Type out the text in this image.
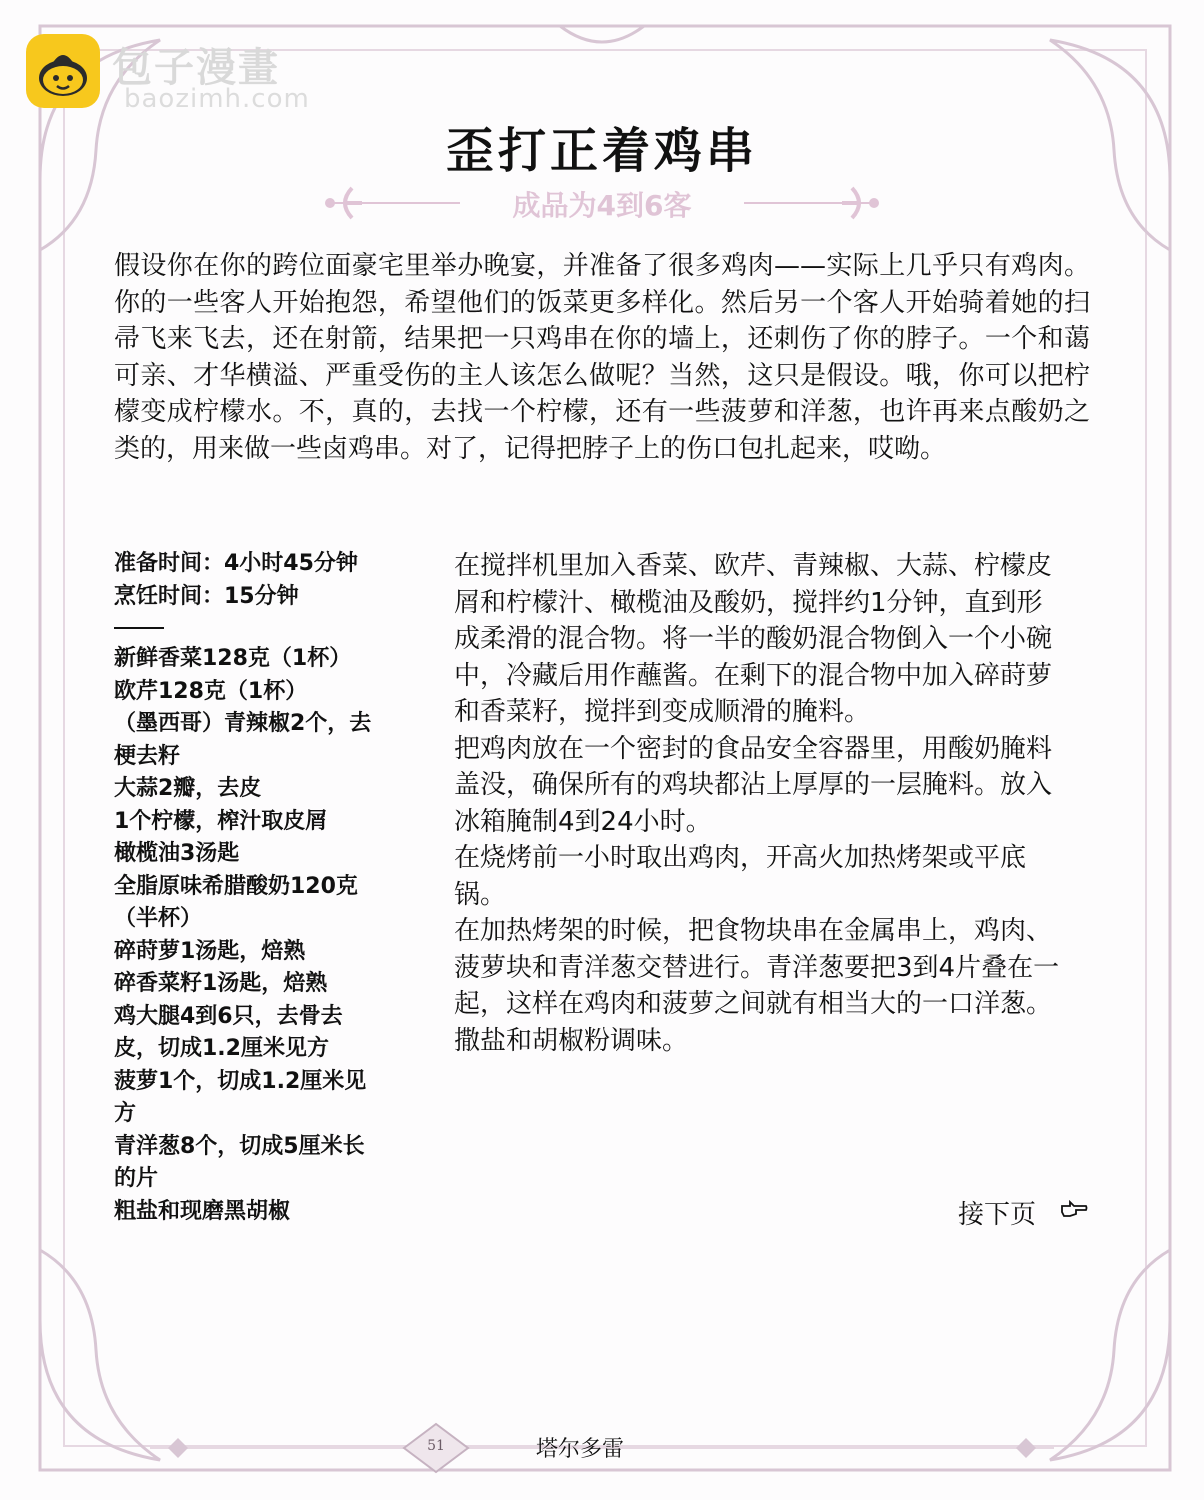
包子漫畫
baozimh.com
歪打正着鸡串
成品为4到6客
假设你在你的跨位面豪宅里举办晚宴，并准备了很多鸡肉——实际上几乎只有鸡肉。你的一些客人开始抱怨，希望他们的饭菜更多样化。然后另一个客人开始骑着她的扫帚飞来飞去，还在射箭，结果把一只鸡串在你的墙上，还刺伤了你的脖子。一个和蔼可亲、才华横溢、严重受伤的主人该怎么做呢？当然，这只是假设。哦，你可以把柠檬变成柠檬水。不，真的，去找一个柠檬，还有一些菠萝和洋葱，也许再来点酸奶之类的，用来做一些卤鸡串。对了，记得把脖子上的伤口包扎起来，哎呦。
准备时间：4小时45分钟
烹饪时间：15分钟
新鲜香菜128克（1杯）
欧芹128克（1杯）
（墨西哥）青辣椒2个，去梗去籽
大蒜2瓣，去皮
1个柠檬，榨汁取皮屑
橄榄油3汤匙
全脂原味希腊酸奶120克（半杯）
碎莳萝1汤匙，焙熟
碎香菜籽1汤匙，焙熟
鸡大腿4到6只，去骨去皮，切成1.2厘米见方
菠萝1个，切成1.2厘米见方
青洋葱8个，切成5厘米长的片
粗盐和现磨黑胡椒

在搅拌机里加入香菜、欧芹、青辣椒、大蒜、柠檬皮屑和柠檬汁、橄榄油及酸奶，搅拌约1分钟，直到形成柔滑的混合物。将一半的酸奶混合物倒入一个小碗中，冷藏后用作蘸酱。在剩下的混合物中加入碎莳萝和香菜籽，搅拌到变成顺滑的腌料。

把鸡肉放在一个密封的食品安全容器里，用酸奶腌料盖没，确保所有的鸡块都沾上厚厚的一层腌料。放入冰箱腌制4到24小时。

在烧烤前一小时取出鸡肉，开高火加热烤架或平底锅。

在加热烤架的时候，把食物块串在金属串上，鸡肉、菠萝块和青洋葱交替进行。青洋葱要把3到4片叠在一起，这样在鸡肉和菠萝之间就有相当大的一口洋葱。撒盐和胡椒粉调味。

接下页
51	塔尔多雷
